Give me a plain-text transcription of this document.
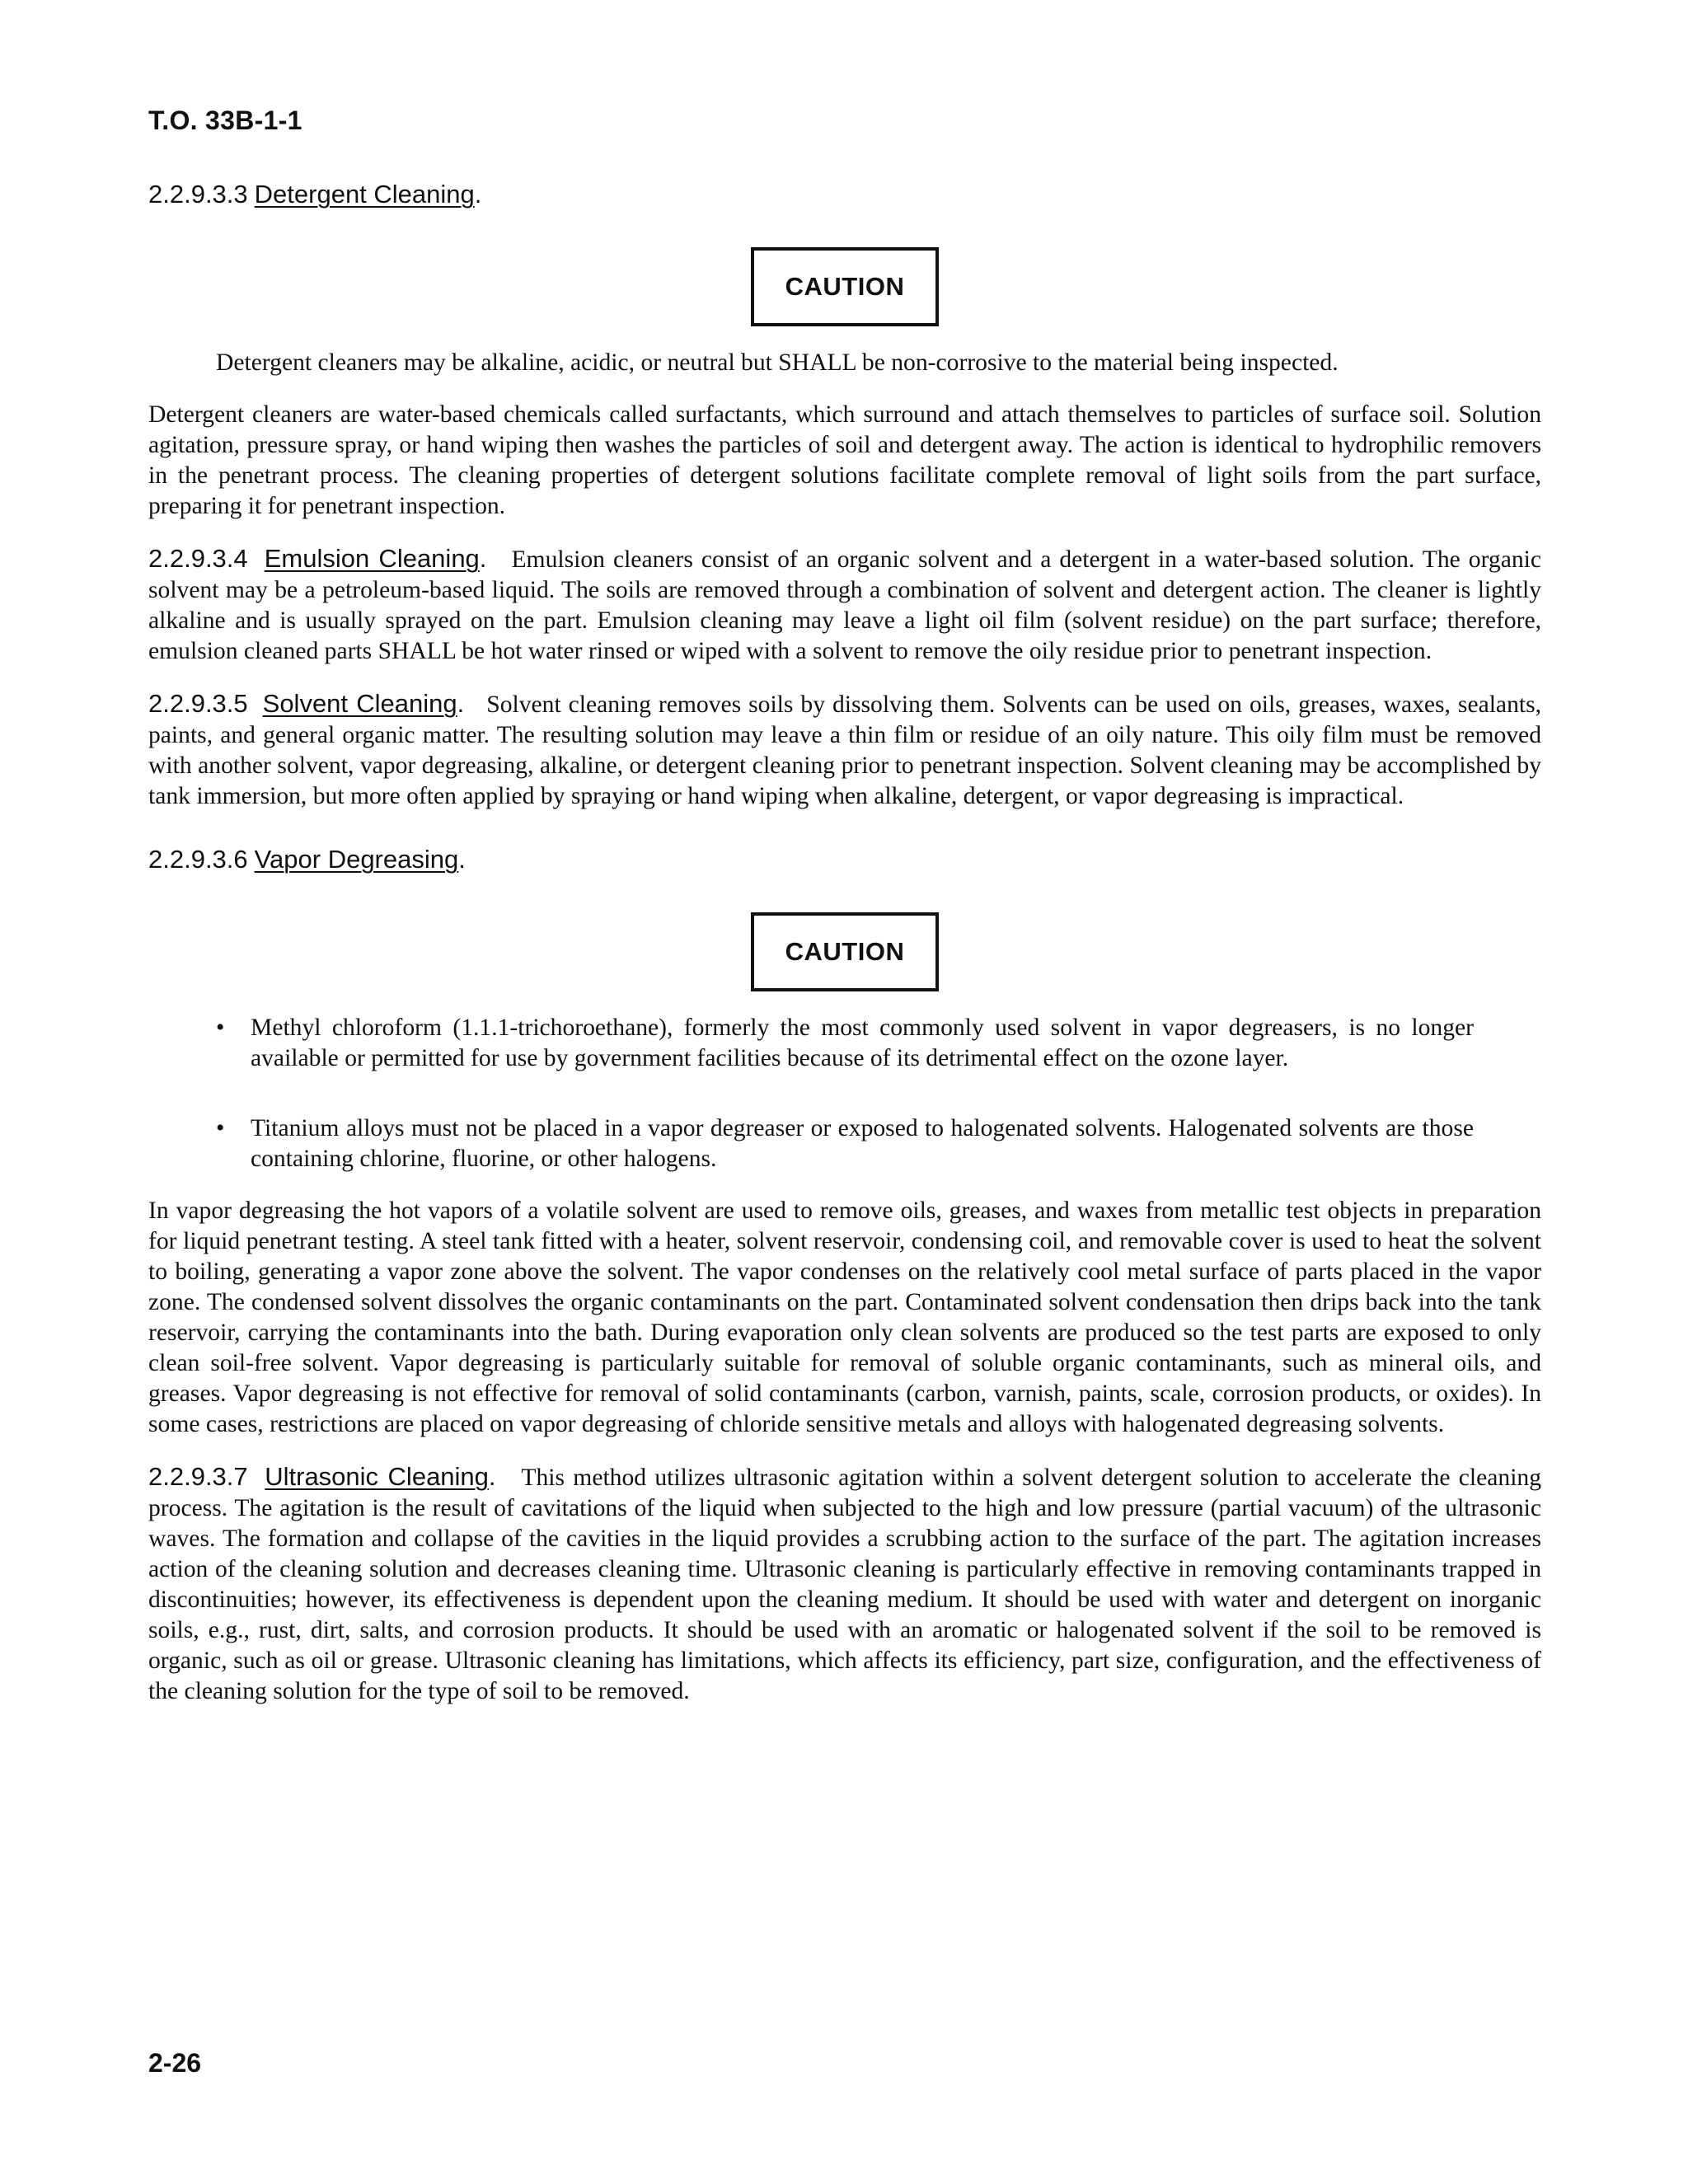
T.O. 33B-1-1
2.2.9.3.3 Detergent Cleaning.
CAUTION

Detergent cleaners may be alkaline, acidic, or neutral but SHALL be non-corrosive to the material being inspected.

Detergent cleaners are water-based chemicals called surfactants, which surround and attach themselves to particles of surface soil. Solution agitation, pressure spray, or hand wiping then washes the particles of soil and detergent away. The action is identical to hydrophilic removers in the penetrant process. The cleaning properties of detergent solutions facilitate complete removal of light soils from the part surface, preparing it for penetrant inspection.

2.2.9.3.4 Emulsion Cleaning. Emulsion cleaners consist of an organic solvent and a detergent in a water-based solution. The organic solvent may be a petroleum-based liquid. The soils are removed through a combination of solvent and detergent action. The cleaner is lightly alkaline and is usually sprayed on the part. Emulsion cleaning may leave a light oil film (solvent residue) on the part surface; therefore, emulsion cleaned parts SHALL be hot water rinsed or wiped with a solvent to remove the oily residue prior to penetrant inspection.

2.2.9.3.5 Solvent Cleaning. Solvent cleaning removes soils by dissolving them. Solvents can be used on oils, greases, waxes, sealants, paints, and general organic matter. The resulting solution may leave a thin film or residue of an oily nature. This oily film must be removed with another solvent, vapor degreasing, alkaline, or detergent cleaning prior to penetrant inspection. Solvent cleaning may be accomplished by tank immersion, but more often applied by spraying or hand wiping when alkaline, detergent, or vapor degreasing is impractical.

2.2.9.3.6 Vapor Degreasing.
CAUTION
• Methyl chloroform (1.1.1-trichoroethane), formerly the most commonly used solvent in vapor degreasers, is no longer available or permitted for use by government facilities because of its detrimental effect on the ozone layer.
• Titanium alloys must not be placed in a vapor degreaser or exposed to halogenated solvents. Halogenated solvents are those containing chlorine, fluorine, or other halogens.

In vapor degreasing the hot vapors of a volatile solvent are used to remove oils, greases, and waxes from metallic test objects in preparation for liquid penetrant testing. A steel tank fitted with a heater, solvent reservoir, condensing coil, and removable cover is used to heat the solvent to boiling, generating a vapor zone above the solvent. The vapor condenses on the relatively cool metal surface of parts placed in the vapor zone. The condensed solvent dissolves the organic contaminants on the part. Contaminated solvent condensation then drips back into the tank reservoir, carrying the contaminants into the bath. During evaporation only clean solvents are produced so the test parts are exposed to only clean soil-free solvent. Vapor degreasing is particularly suitable for removal of soluble organic contaminants, such as mineral oils, and greases. Vapor degreasing is not effective for removal of solid contaminants (carbon, varnish, paints, scale, corrosion products, or oxides). In some cases, restrictions are placed on vapor degreasing of chloride sensitive metals and alloys with halogenated degreasing solvents.

2.2.9.3.7 Ultrasonic Cleaning. This method utilizes ultrasonic agitation within a solvent detergent solution to accelerate the cleaning process. The agitation is the result of cavitations of the liquid when subjected to the high and low pressure (partial vacuum) of the ultrasonic waves. The formation and collapse of the cavities in the liquid provides a scrubbing action to the surface of the part. The agitation increases action of the cleaning solution and decreases cleaning time. Ultrasonic cleaning is particularly effective in removing contaminants trapped in discontinuities; however, its effectiveness is dependent upon the cleaning medium. It should be used with water and detergent on inorganic soils, e.g., rust, dirt, salts, and corrosion products. It should be used with an aromatic or halogenated solvent if the soil to be removed is organic, such as oil or grease. Ultrasonic cleaning has limitations, which affects its efficiency, part size, configuration, and the effectiveness of the cleaning solution for the type of soil to be removed.

2-26
